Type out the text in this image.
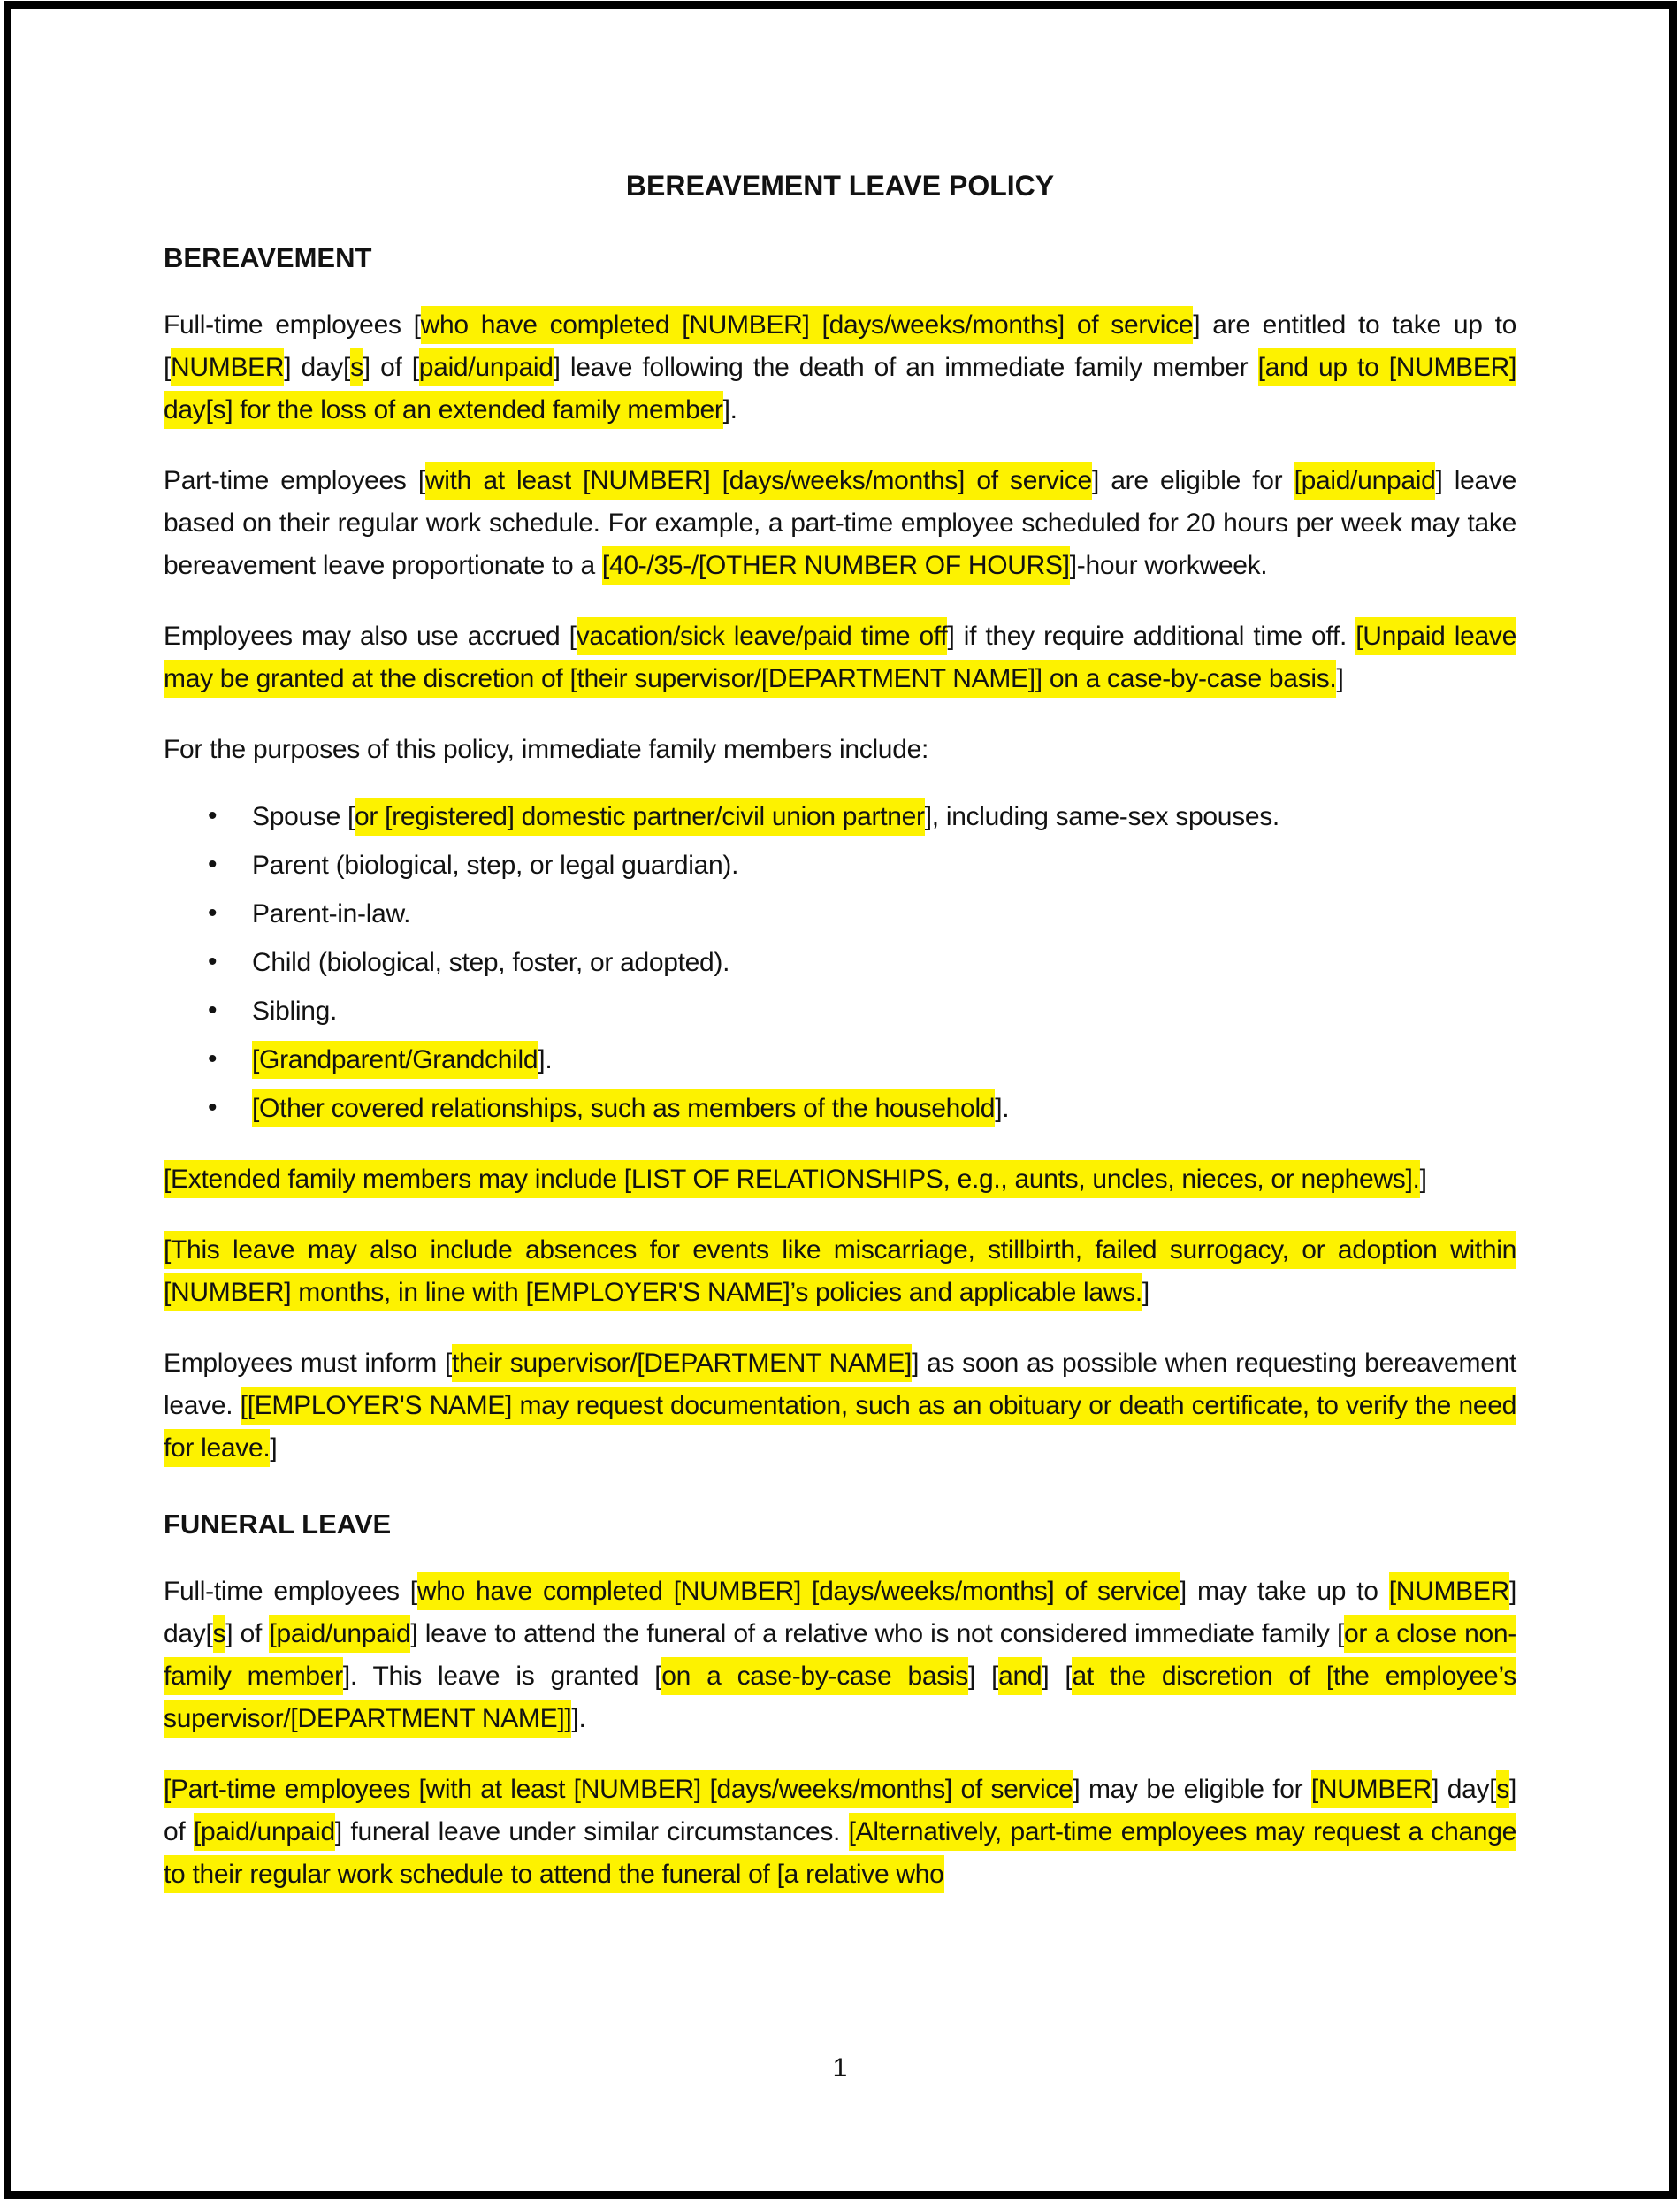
BEREAVEMENT LEAVE POLICY
BEREAVEMENT

Full-time employees [who have completed [NUMBER] [days/weeks/months] of service] are entitled to take up to [NUMBER] day[s] of [paid/unpaid] leave following the death of an immediate family member [and up to [NUMBER] day[s] for the loss of an extended family member].

Part-time employees [with at least [NUMBER] [days/weeks/months] of service] are eligible for [paid/unpaid] leave based on their regular work schedule. For example, a part-time employee scheduled for 20 hours per week may take bereavement leave proportionate to a [40-/35-/[OTHER NUMBER OF HOURS]]-hour workweek.

Employees may also use accrued [vacation/sick leave/paid time off] if they require additional time off. [Unpaid leave may be granted at the discretion of [their supervisor/[DEPARTMENT NAME]] on a case-by-case basis.]

For the purposes of this policy, immediate family members include:

• Spouse [or [registered] domestic partner/civil union partner], including same-sex spouses.
• Parent (biological, step, or legal guardian).
• Parent-in-law.
• Child (biological, step, foster, or adopted).
• Sibling.
• [Grandparent/Grandchild].
• [Other covered relationships, such as members of the household].

[Extended family members may include [LIST OF RELATIONSHIPS, e.g., aunts, uncles, nieces, or nephews].]

[This leave may also include absences for events like miscarriage, stillbirth, failed surrogacy, or adoption within [NUMBER] months, in line with [EMPLOYER'S NAME]’s policies and applicable laws.]

Employees must inform [their supervisor/[DEPARTMENT NAME]] as soon as possible when requesting bereavement leave. [[EMPLOYER'S NAME] may request documentation, such as an obituary or death certificate, to verify the need for leave.]

FUNERAL LEAVE

Full-time employees [who have completed [NUMBER] [days/weeks/months] of service] may take up to [NUMBER] day[s] of [paid/unpaid] leave to attend the funeral of a relative who is not considered immediate family [or a close non-family member]. This leave is granted [on a case-by-case basis] [and] [at the discretion of [the employee’s supervisor/[DEPARTMENT NAME]]].

[Part-time employees [with at least [NUMBER] [days/weeks/months] of service] may be eligible for [NUMBER] day[s] of [paid/unpaid] funeral leave under similar circumstances. [Alternatively, part-time employees may request a change to their regular work schedule to attend the funeral of [a relative who

1
